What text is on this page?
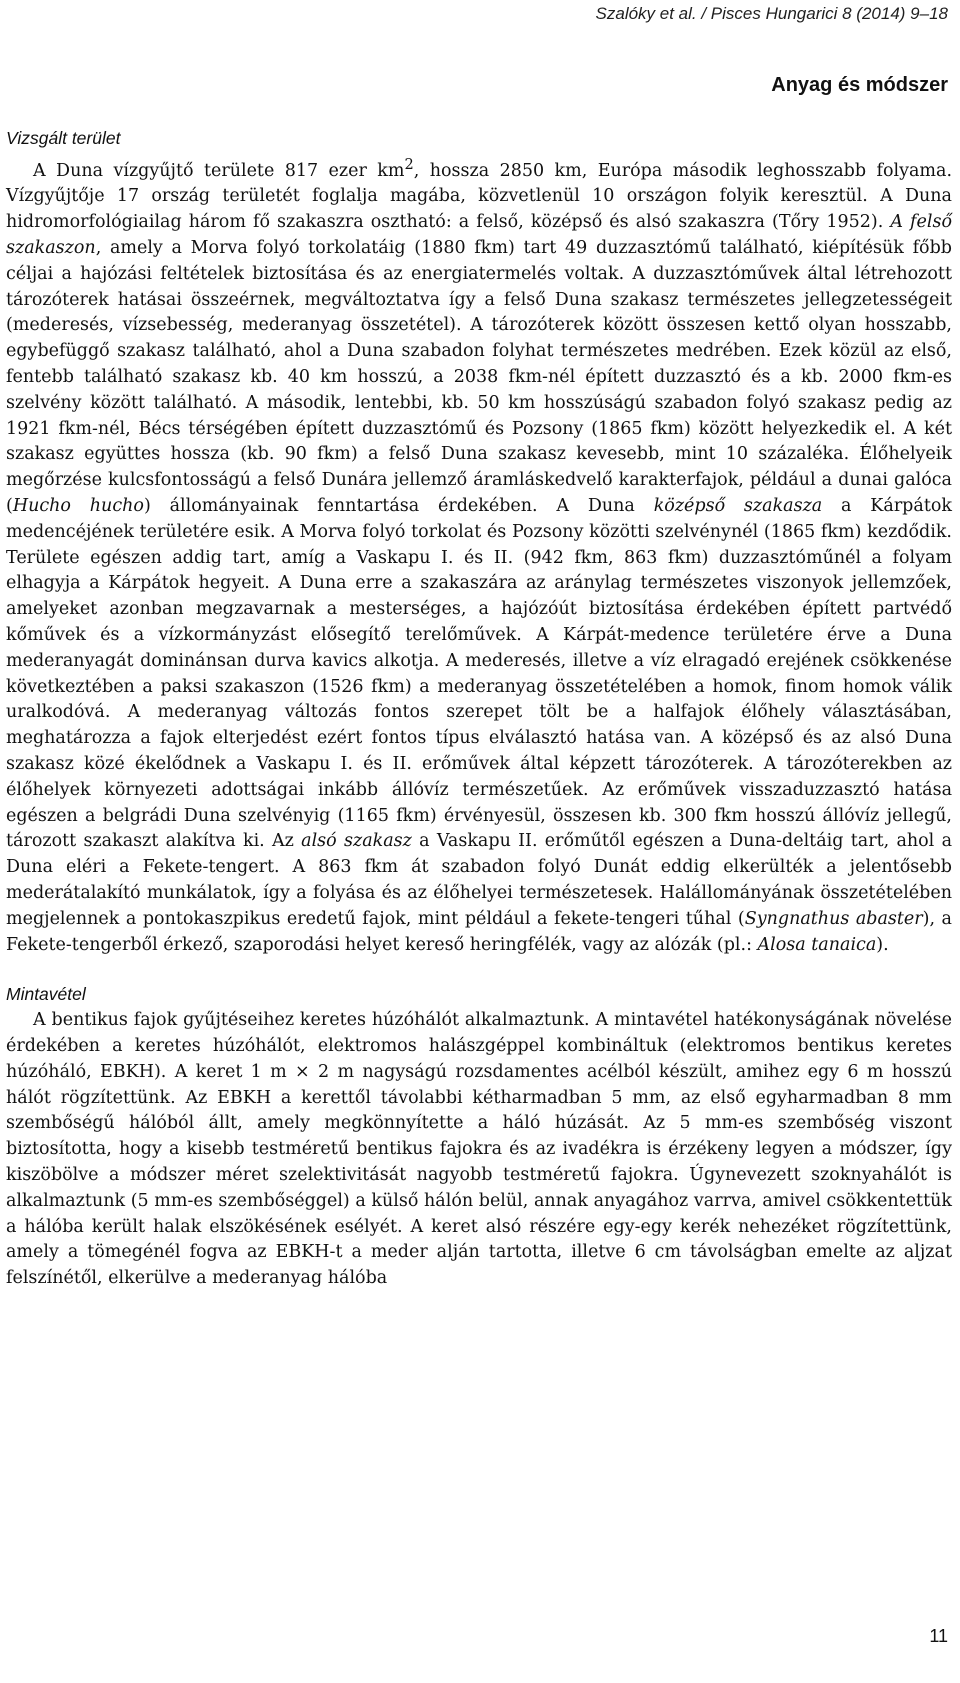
Szalóky et al. / Pisces Hungarici 8 (2014) 9–18
Anyag és módszer
Vizsgált terület

A Duna vízgyűjtő területe 817 ezer $km^2$, hossza 2850 km, Európa második leghosszabb folyama. Vízgyűjtője 17 ország területét foglalja magába, közvetlenül 10 országon folyik keresztül. A Duna hidromorfológiailag három fő szakaszra osztható: a felső, középső és alsó szakaszra (Tőry 1952). A felső szakaszon, amely a Morva folyó torkolatáig (1880 fkm) tart 49 duzzasztómű található, kiépítésük főbb céljai a hajózási feltételek biztosítása és az energiatermelés voltak. A duzzasztóművek által létrehozott tározóterek hatásai összeérnek, megváltoztatva így a felső Duna szakasz természetes jellegzetességeit (mederesés, vízsebesség, mederanyag összetétel). A tározóterek között összesen kettő olyan hosszabb, egybefüggő szakasz található, ahol a Duna szabadon folyhat természetes medrében. Ezek közül az első, fentebb található szakasz kb. 40 km hosszú, a 2038 fkm-nél épített duzzasztó és a kb. 2000 fkm-es szelvény között található. A második, lentebbi, kb. 50 km hosszúságú szabadon folyó szakasz pedig az 1921 fkm-nél, Bécs térségében épített duzzasztómű és Pozsony (1865 fkm) között helyezkedik el. A két szakasz együttes hossza (kb. 90 fkm) a felső Duna szakasz kevesebb, mint 10 százaléka. Élőhelyeik megőrzése kulcsfontosságú a felső Dunára jellemző áramláskedvelő karakterfajok, például a dunai galóca (Hucho hucho) állományainak fenntartása érdekében. A Duna középső szakasza a Kárpátok medencéjének területére esik. A Morva folyó torkolat és Pozsony közötti szelvénynél (1865 fkm) kezdődik. Területe egészen addig tart, amíg a Vaskapu I. és II. (942 fkm, 863 fkm) duzzasztóműnél a folyam elhagyja a Kárpátok hegyeit. A Duna erre a szakaszára az aránylag természetes viszonyok jellemzőek, amelyeket azonban megzavarnak a mesterséges, a hajózóút biztosítása érdekében épített partvédő kőművek és a vízkormányzást elősegítő terelőművek. A Kárpát-medence területére érve a Duna mederanyagát dominánsan durva kavics alkotja. A mederesés, illetve a víz elragadó erejének csökkenése következtében a paksi szakaszon (1526 fkm) a mederanyag összetételében a homok, finom homok válik uralkodóvá. A mederanyag változás fontos szerepet tölt be a halfajok élőhely választásában, meghatározza a fajok elterjedést ezért fontos típus elválasztó hatása van. A középső és az alsó Duna szakasz közé ékelődnek a Vaskapu I. és II. erőművek által képzett tározóterek. A tározóterekben az élőhelyek környezeti adottságai inkább állóvíz természetűek. Az erőművek visszaduzzasztó hatása egészen a belgrádi Duna szelvényig (1165 fkm) érvényesül, összesen kb. 300 fkm hosszú állóvíz jellegű, tározott szakaszt alakítva ki. Az alsó szakasz a Vaskapu II. erőműtől egészen a Duna-deltáig tart, ahol a Duna eléri a Fekete-tengert. A 863 fkm át szabadon folyó Dunát eddig elkerülték a jelentősebb mederátalakító munkálatok, így a folyása és az élőhelyei természetesek. Halállományának összetételében megjelennek a pontokaszpikus eredetű fajok, mint például a fekete-tengeri tűhal (Syngnathus abaster), a Fekete-tengerből érkező, szaporodási helyet kereső heringfélék, vagy az alózák (pl.: Alosa tanaica).

Mintavétel

A bentikus fajok gyűjtéseihez keretes húzóhálót alkalmaztunk. A mintavétel hatékonyságának növelése érdekében a keretes húzóhálót, elektromos halászgéppel kombináltuk (elektromos bentikus keretes húzóháló, EBKH). A keret 1 m × 2 m nagyságú rozsdamentes acélból készült, amihez egy 6 m hosszú hálót rögzítettünk. Az EBKH a kerettől távolabbi kétharmadban 5 mm, az első egyharmadban 8 mm szembőségű hálóból állt, amely megkönnyítette a háló húzását. Az 5 mm-es szembőség viszont biztosította, hogy a kisebb testméretű bentikus fajokra és az ivadékra is érzékeny legyen a módszer, így kiszöbölve a módszer méret szelektivitását nagyobb testméretű fajokra. Úgynevezett szoknyahálót is alkalmaztunk (5 mm-es szembőséggel) a külső hálón belül, annak anyagához varrva, amivel csökkentettük a hálóba került halak elszökésének esélyét. A keret alsó részére egy-egy kerék nehezéket rögzítettünk, amely a tömegénél fogva az EBKH-t a meder alján tartotta, illetve 6 cm távolságban emelte az aljzat felszínétől, elkerülve a mederanyag hálóba

11
